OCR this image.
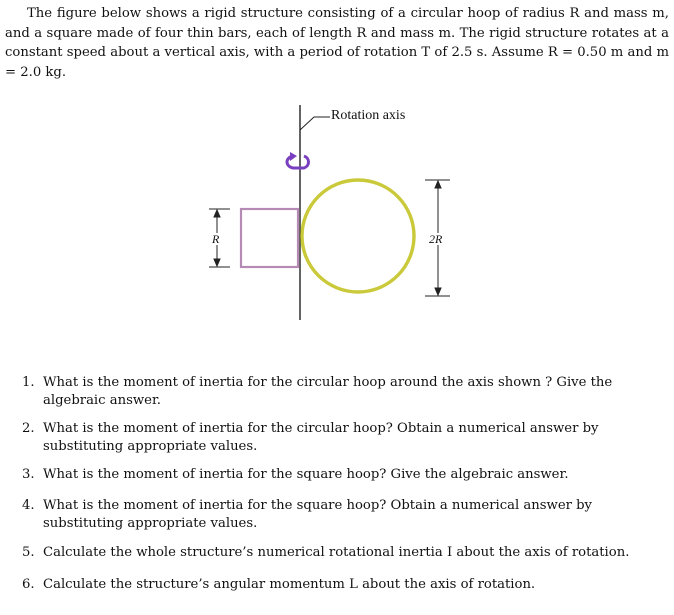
The figure below shows a rigid structure consisting of a circular hoop of radius R and mass m, and a square made of four thin bars, each of length R and mass m. The rigid structure rotates at a constant speed about a vertical axis, with a period of rotation T of 2.5 s. Assume R = 0.50 m and m = 2.0 kg.

Rotation axis
R	2R
1. What is the moment of inertia for the circular hoop around the axis shown ? Give the algebraic answer.
2. What is the moment of inertia for the circular hoop? Obtain a numerical answer by substituting appropriate values.
3. What is the moment of inertia for the square hoop? Give the algebraic answer.
4. What is the moment of inertia for the square hoop? Obtain a numerical answer by substituting appropriate values.
5. Calculate the whole structure’s numerical rotational inertia I about the axis of rotation.
6. Calculate the structure’s angular momentum L about the axis of rotation.
